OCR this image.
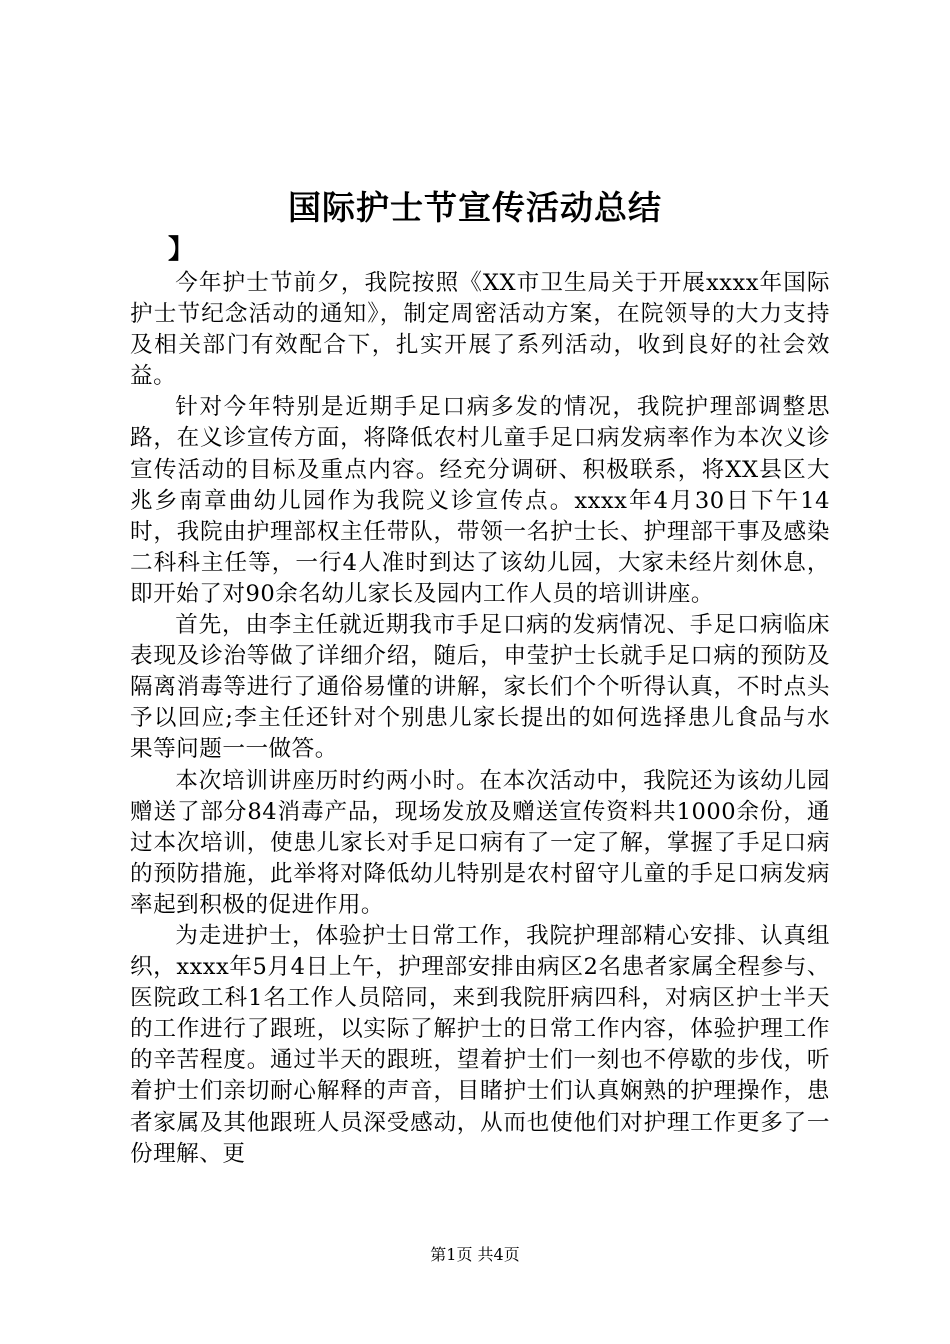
国际护士节宣传活动总结
】

今年护士节前夕，我院按照《XX市卫生局关于开展xxxx年国际护士节纪念活动的通知》，制定周密活动方案，在院领导的大力支持及相关部门有效配合下，扎实开展了系列活动，收到良好的社会效益。

针对今年特别是近期手足口病多发的情况，我院护理部调整思路，在义诊宣传方面，将降低农村儿童手足口病发病率作为本次义诊宣传活动的目标及重点内容。经充分调研、积极联系，将XX县区大兆乡南章曲幼儿园作为我院义诊宣传点。xxxx年4月30日下午14时，我院由护理部权主任带队，带领一名护士长、护理部干事及感染二科科主任等，一行4人准时到达了该幼儿园，大家未经片刻休息，即开始了对90余名幼儿家长及园内工作人员的培训讲座。

首先，由李主任就近期我市手足口病的发病情况、手足口病临床表现及诊治等做了详细介绍，随后，申莹护士长就手足口病的预防及隔离消毒等进行了通俗易懂的讲解，家长们个个听得认真，不时点头予以回应;李主任还针对个别患儿家长提出的如何选择患儿食品与水果等问题一一做答。

本次培训讲座历时约两小时。在本次活动中，我院还为该幼儿园赠送了部分84消毒产品，现场发放及赠送宣传资料共1000余份，通过本次培训，使患儿家长对手足口病有了一定了解，掌握了手足口病的预防措施，此举将对降低幼儿特别是农村留守儿童的手足口病发病率起到积极的促进作用。

为走进护士，体验护士日常工作，我院护理部精心安排、认真组织，xxxx年5月4日上午，护理部安排由病区2名患者家属全程参与、医院政工科1名工作人员陪同，来到我院肝病四科，对病区护士半天的工作进行了跟班，以实际了解护士的日常工作内容，体验护理工作的辛苦程度。通过半天的跟班，望着护士们一刻也不停歇的步伐，听着护士们亲切耐心解释的声音，目睹护士们认真娴熟的护理操作，患者家属及其他跟班人员深受感动，从而也使他们对护理工作更多了一份理解、更

第1页 共4页
